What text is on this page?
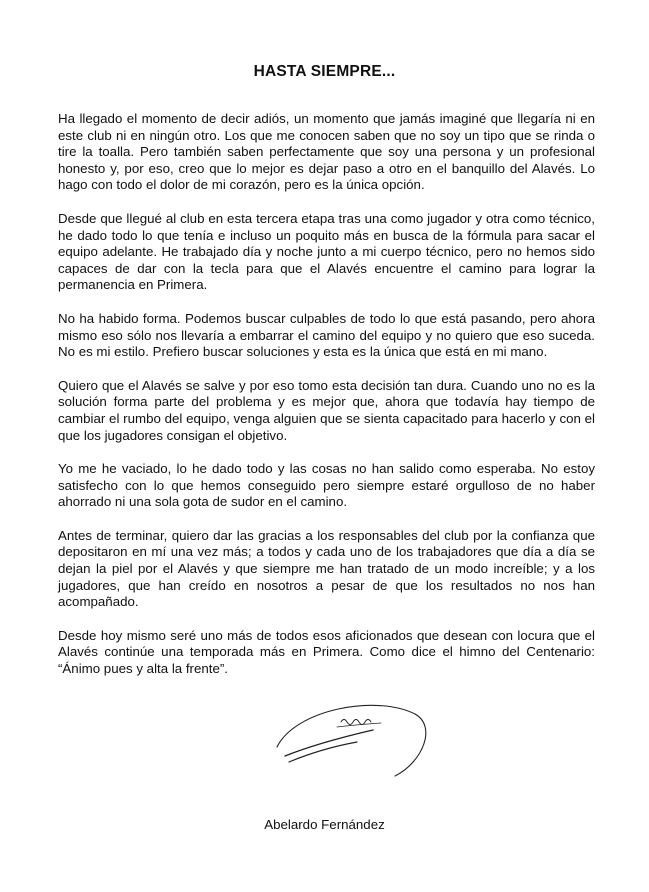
HASTA SIEMPRE...

Ha llegado el momento de decir adiós, un momento que jamás imaginé que llegaría ni en este club ni en ningún otro. Los que me conocen saben que no soy un tipo que se rinda o tire la toalla. Pero también saben perfectamente que soy una persona y un profesional honesto y, por eso, creo que lo mejor es dejar paso a otro en el banquillo del Alavés. Lo hago con todo el dolor de mi corazón, pero es la única opción.

Desde que llegué al club en esta tercera etapa tras una como jugador y otra como técnico, he dado todo lo que tenía e incluso un poquito más en busca de la fórmula para sacar el equipo adelante. He trabajado día y noche junto a mi cuerpo técnico, pero no hemos sido capaces de dar con la tecla para que el Alavés encuentre el camino para lograr la permanencia en Primera.

No ha habido forma. Podemos buscar culpables de todo lo que está pasando, pero ahora mismo eso sólo nos llevaría a embarrar el camino del equipo y no quiero que eso suceda. No es mi estilo. Prefiero buscar soluciones y esta es la única que está en mi mano.

Quiero que el Alavés se salve y por eso tomo esta decisión tan dura. Cuando uno no es la solución forma parte del problema y es mejor que, ahora que todavía hay tiempo de cambiar el rumbo del equipo, venga alguien que se sienta capacitado para hacerlo y con el que los jugadores consigan el objetivo.

Yo me he vaciado, lo he dado todo y las cosas no han salido como esperaba. No estoy satisfecho con lo que hemos conseguido pero siempre estaré orgulloso de no haber ahorrado ni una sola gota de sudor en el camino.

Antes de terminar, quiero dar las gracias a los responsables del club por la confianza que depositaron en mí una vez más; a todos y cada uno de los trabajadores que día a día se dejan la piel por el Alavés y que siempre me han tratado de un modo increíble; y a los jugadores, que han creído en nosotros a pesar de que los resultados no nos han acompañado.

Desde hoy mismo seré uno más de todos esos aficionados que desean con locura que el Alavés continúe una temporada más en Primera. Como dice el himno del Centenario: “Ánimo pues y alta la frente”.

Abelardo Fernández
